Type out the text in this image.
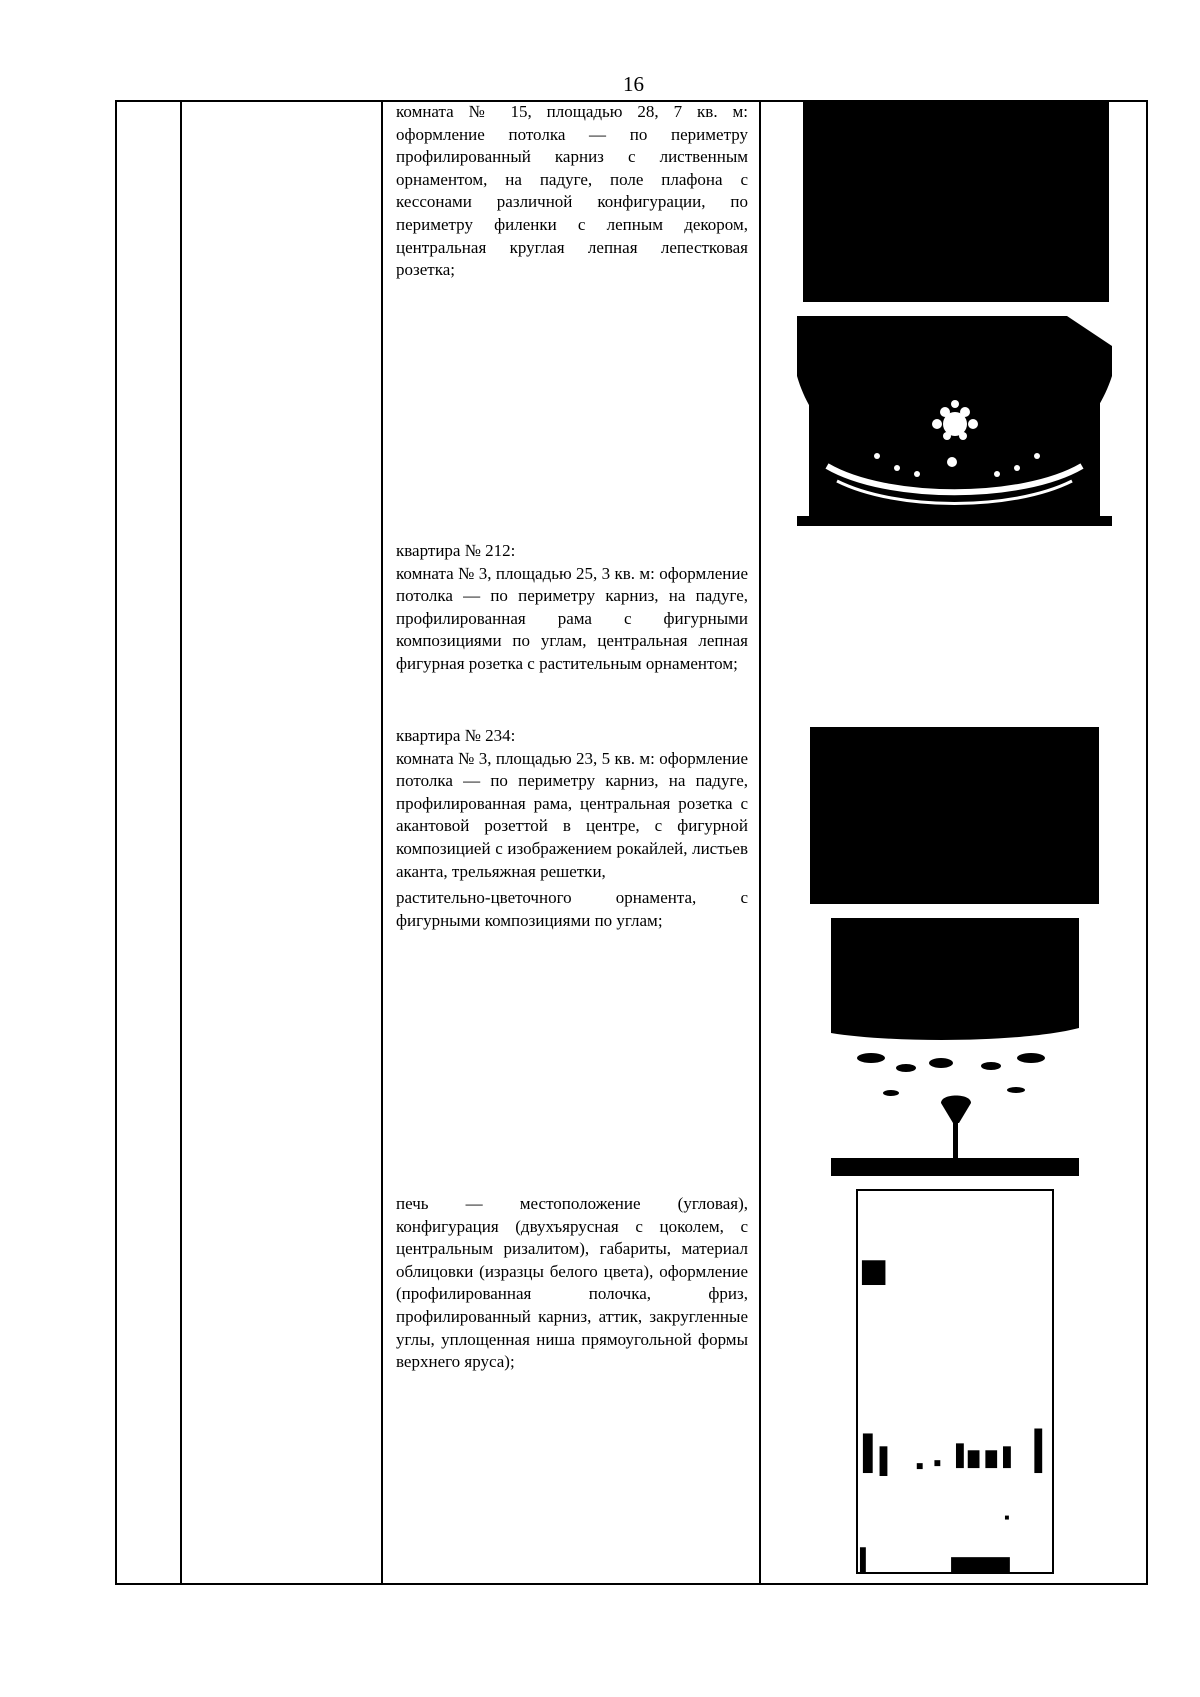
16

комната № 15, площадью 28, 7 кв. м: оформление потолка — по периметру профилированный карниз с лиственным орнаментом, на падуге, поле плафона с кессонами различной конфигурации, по периметру филенки с лепным декором, центральная круглая лепная лепестковая розетка;

квартира № 212:

комната № 3, площадью 25, 3 кв. м: оформление потолка — по периметру карниз, на падуге, профилированная рама с фигурными композициями по углам, центральная лепная фигурная розетка с растительным орнаментом;

квартира № 234:

комната № 3, площадью 23, 5 кв. м: оформление потолка — по периметру карниз, на падуге, профилированная рама, центральная розетка с акантовой розеттой в центре, с фигурной композицией с изображением рокайлей, листьев аканта, трельяжная решетки,

растительно-цветочного орнамента, с фигурными композициями по углам;

печь — местоположение (угловая), конфигурация (двухъярусная с цоколем, с центральным ризалитом), габариты, материал облицовки (изразцы белого цвета), оформление (профилированная полочка, фриз, профилированный карниз, аттик, закругленные углы, уплощенная ниша прямоугольной формы верхнего яруса);
